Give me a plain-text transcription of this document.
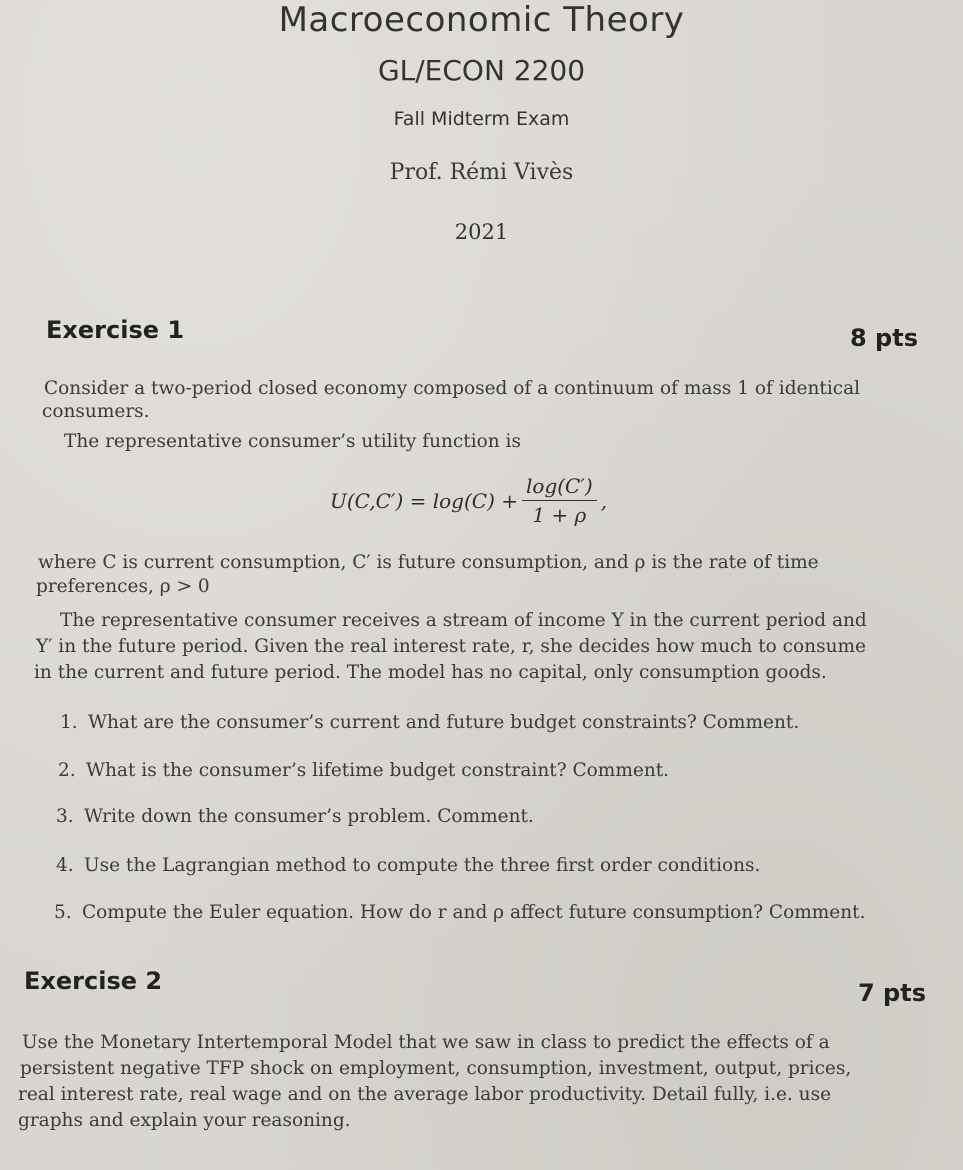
Macroeconomic Theory
GL/ECON 2200
Fall Midterm Exam
Prof. Rémi Vivès
2021
Exercise 1	8 pts
Consider a two-period closed economy composed of a continuum of mass 1 of identical
consumers.
The representative consumer’s utility function is
$U(C,C') = \log(C) + \frac{\log(C')}{1 + \rho}$ ,
where C is current consumption, C′ is future consumption, and ρ is the rate of time
preferences, ρ > 0
The representative consumer receives a stream of income Y in the current period and
Y′ in the future period. Given the real interest rate, r, she decides how much to consume
in the current and future period. The model has no capital, only consumption goods.
1. What are the consumer’s current and future budget constraints? Comment.
2. What is the consumer’s lifetime budget constraint? Comment.
3. Write down the consumer’s problem. Comment.
4. Use the Lagrangian method to compute the three first order conditions.
5. Compute the Euler equation. How do r and ρ affect future consumption? Comment.
Exercise 2	7 pts
Use the Monetary Intertemporal Model that we saw in class to predict the effects of a
persistent negative TFP shock on employment, consumption, investment, output, prices,
real interest rate, real wage and on the average labor productivity. Detail fully, i.e. use
graphs and explain your reasoning.
